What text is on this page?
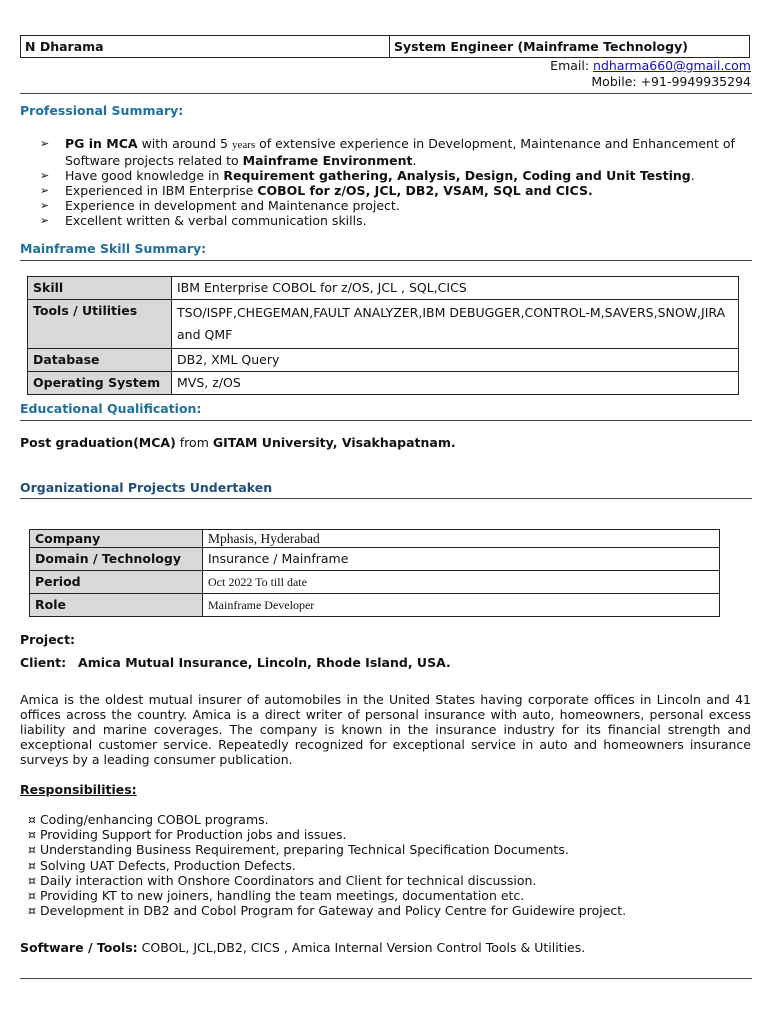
N Dharama	System Engineer (Mainframe Technology)
Email: ndharma660@gmail.com
Mobile: +91-9949935294
Professional Summary:
➢ PG in MCA with around 5 years of extensive experience in Development, Maintenance and Enhancement of Software projects related to Mainframe Environment.
➢ Have good knowledge in Requirement gathering, Analysis, Design, Coding and Unit Testing.
➢ Experienced in IBM Enterprise COBOL for z/OS, JCL, DB2, VSAM, SQL and CICS.
➢ Experience in development and Maintenance project.
➢ Excellent written & verbal communication skills.
Mainframe Skill Summary:
Skill	IBM Enterprise COBOL for z/OS, JCL , SQL,CICS
Tools / Utilities	TSO/ISPF,CHEGEMAN,FAULT ANALYZER,IBM DEBUGGER,CONTROL-M,SAVERS,SNOW,JIRA and QMF
Database	DB2, XML Query
Operating System	MVS, z/OS
Educational Qualification:
Post graduation(MCA) from GITAM University, Visakhapatnam.
Organizational Projects Undertaken
Company	Mphasis, Hyderabad
Domain / Technology	Insurance / Mainframe
Period	Oct 2022 To till date
Role	Mainframe Developer
Project:
Client: Amica Mutual Insurance, Lincoln, Rhode Island, USA.
Amica is the oldest mutual insurer of automobiles in the United States having corporate offices in Lincoln and 41 offices across the country. Amica is a direct writer of personal insurance with auto, homeowners, personal excess liability and marine coverages. The company is known in the insurance industry for its financial strength and exceptional customer service. Repeatedly recognized for exceptional service in auto and homeowners insurance surveys by a leading consumer publication.
Responsibilities:
¤ Coding/enhancing COBOL programs.
¤ Providing Support for Production jobs and issues.
¤ Understanding Business Requirement, preparing Technical Specification Documents.
¤ Solving UAT Defects, Production Defects.
¤ Daily interaction with Onshore Coordinators and Client for technical discussion.
¤ Providing KT to new joiners, handling the team meetings, documentation etc.
¤ Development in DB2 and Cobol Program for Gateway and Policy Centre for Guidewire project.
Software / Tools: COBOL, JCL,DB2, CICS , Amica Internal Version Control Tools & Utilities.
